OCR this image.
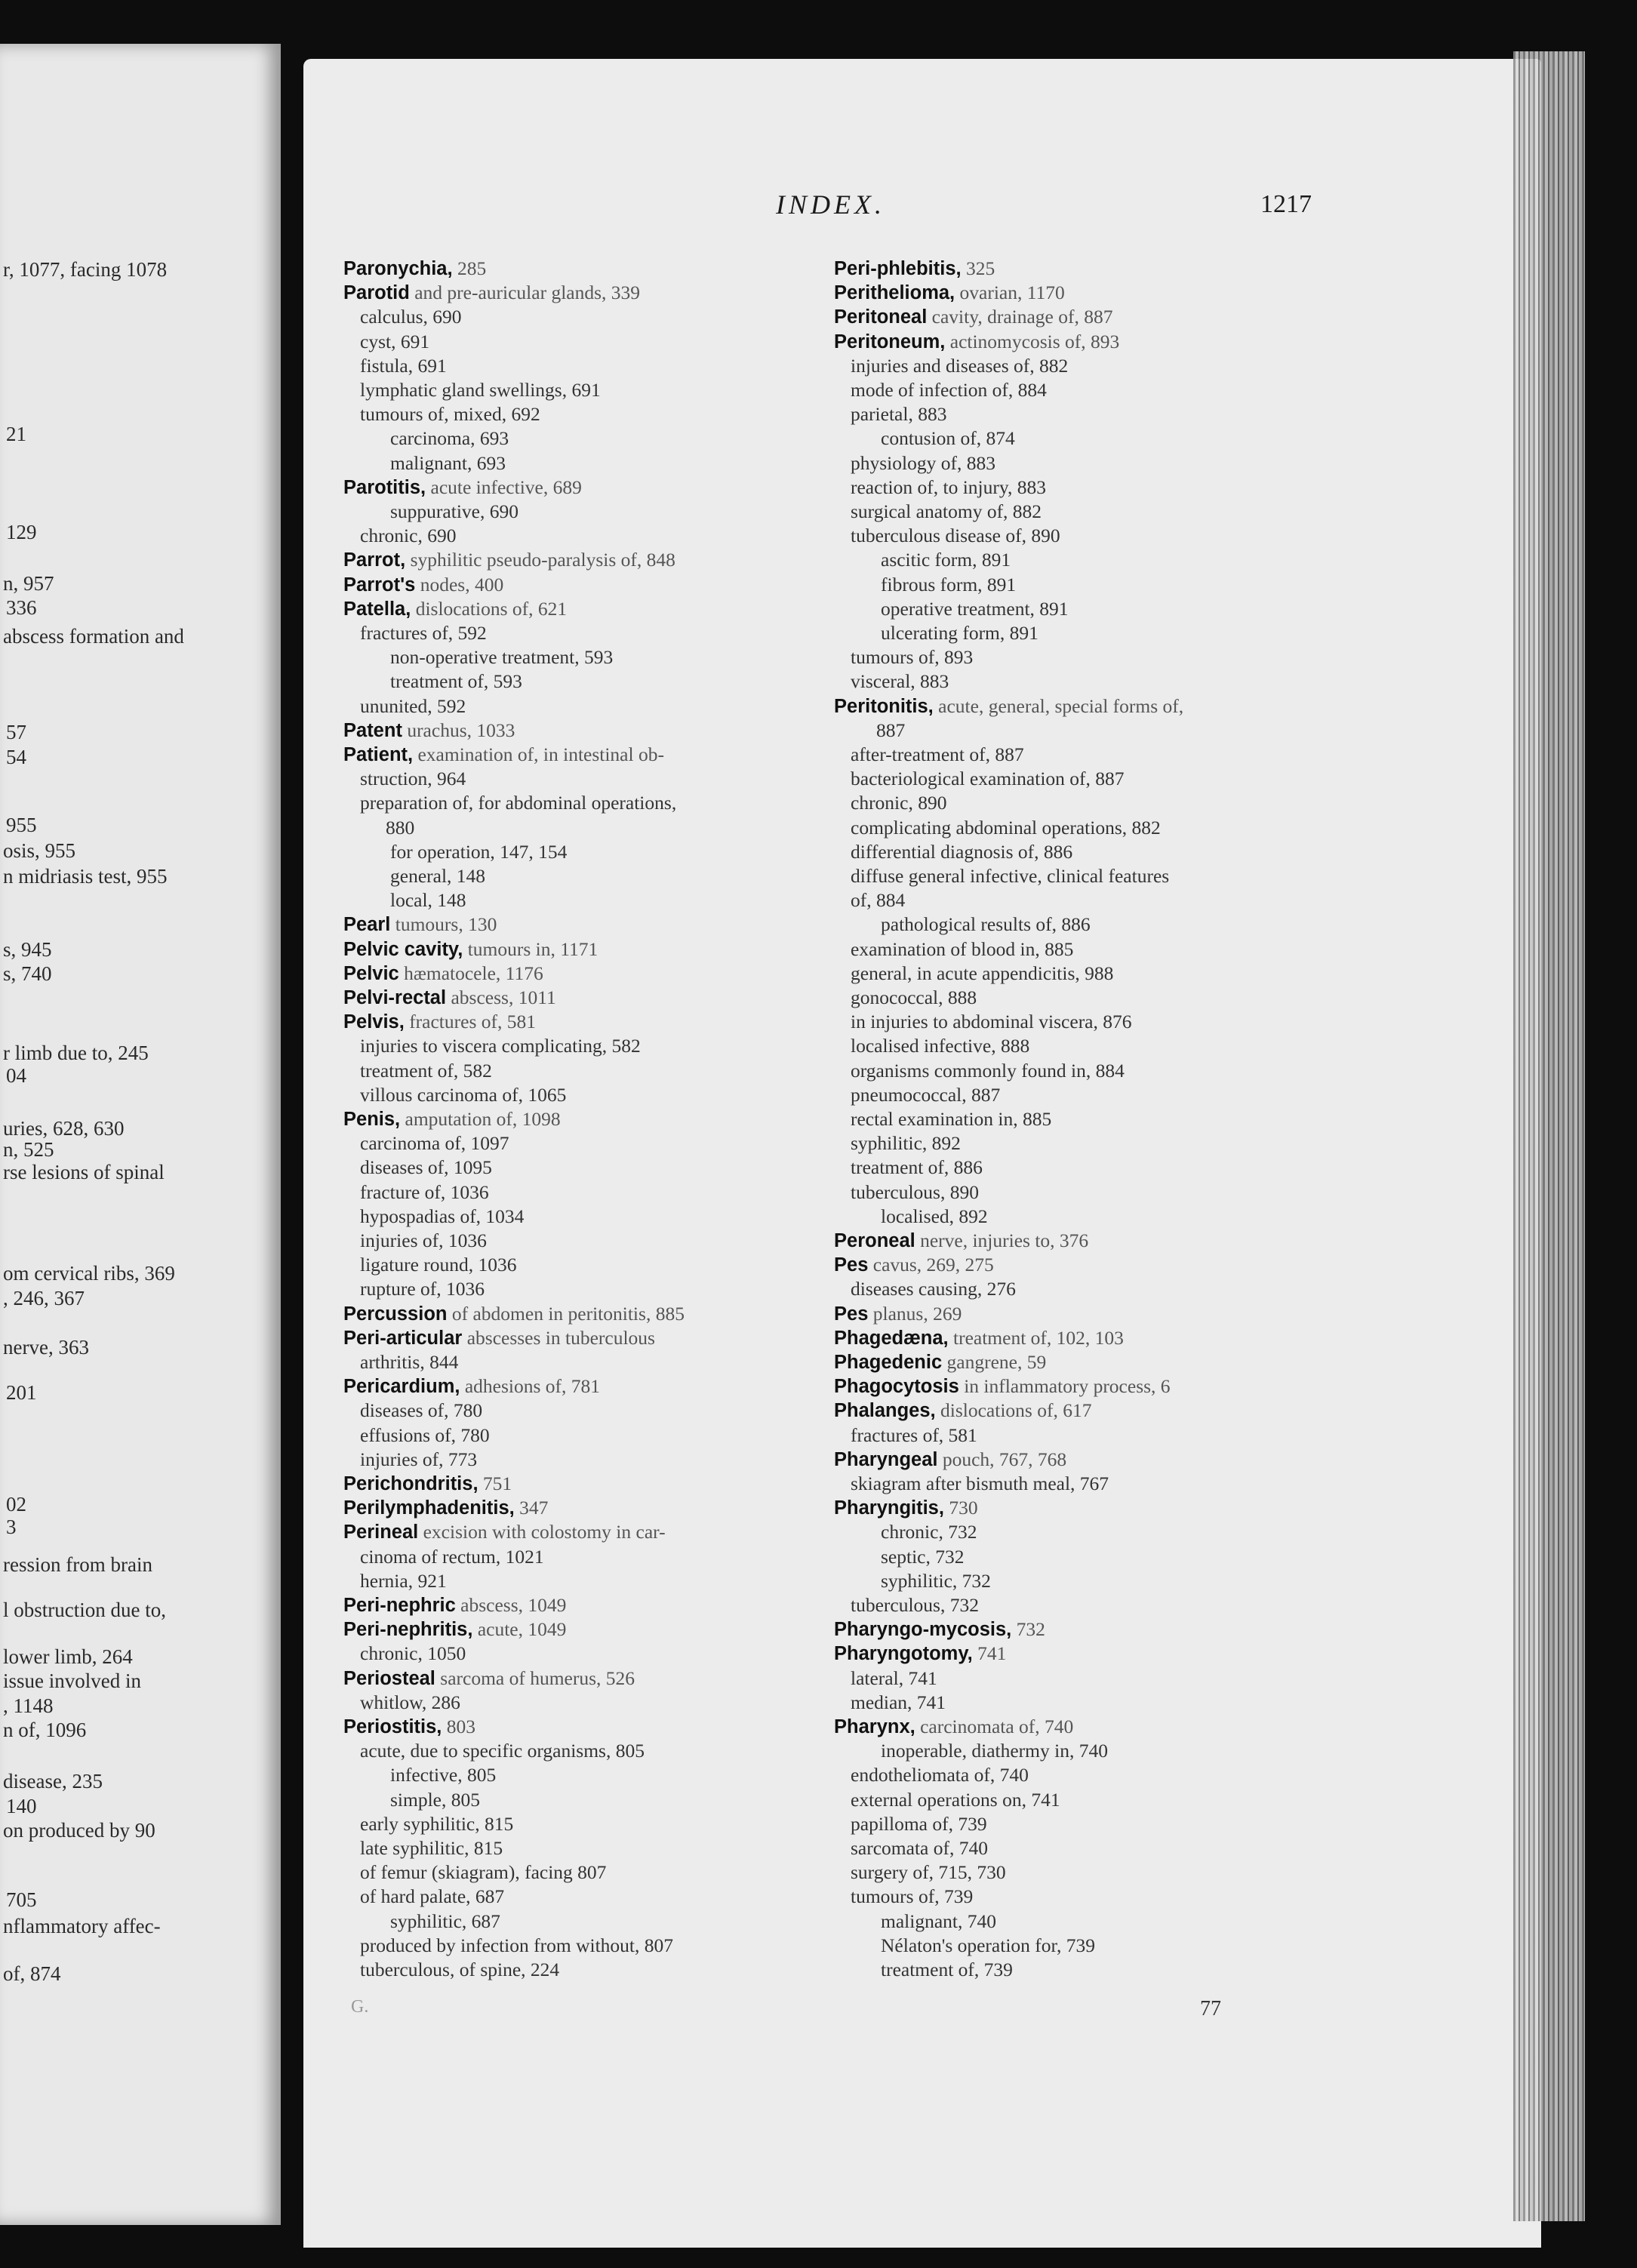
r, 1077, facing 1078
21
129
n, 957
336
abscess formation and
57
54
955
osis, 955
n midriasis test, 955
s, 945
s, 740
r limb due to, 245
04
uries, 628, 630
n, 525
rse lesions of spinal
om cervical ribs, 369
, 246, 367
nerve, 363
201
02
3
ression from brain
l obstruction due to,
lower limb, 264
issue involved in
, 1148
n of, 1096
disease, 235
140
on produced by 90
705
nflammatory affec-
of, 874
INDEX.	1217
Paronychia, 285
Parotid and pre-auricular glands, 339
calculus, 690
cyst, 691
fistula, 691
lymphatic gland swellings, 691
tumours of, mixed, 692
carcinoma, 693
malignant, 693
Parotitis, acute infective, 689
suppurative, 690
chronic, 690
Parrot, syphilitic pseudo-paralysis of, 848
Parrot's nodes, 400
Patella, dislocations of, 621
fractures of, 592
non-operative treatment, 593
treatment of, 593
ununited, 592
Patent urachus, 1033
Patient, examination of, in intestinal ob-
struction, 964
preparation of, for abdominal operations,
880
for operation, 147, 154
general, 148
local, 148
Pearl tumours, 130
Pelvic cavity, tumours in, 1171
Pelvic hæmatocele, 1176
Pelvi-rectal abscess, 1011
Pelvis, fractures of, 581
injuries to viscera complicating, 582
treatment of, 582
villous carcinoma of, 1065
Penis, amputation of, 1098
carcinoma of, 1097
diseases of, 1095
fracture of, 1036
hypospadias of, 1034
injuries of, 1036
ligature round, 1036
rupture of, 1036
Percussion of abdomen in peritonitis, 885
Peri-articular abscesses in tuberculous
arthritis, 844
Pericardium, adhesions of, 781
diseases of, 780
effusions of, 780
injuries of, 773
Perichondritis, 751
Perilymphadenitis, 347
Perineal excision with colostomy in car-
cinoma of rectum, 1021
hernia, 921
Peri-nephric abscess, 1049
Peri-nephritis, acute, 1049
chronic, 1050
Periosteal sarcoma of humerus, 526
whitlow, 286
Periostitis, 803
acute, due to specific organisms, 805
infective, 805
simple, 805
early syphilitic, 815
late syphilitic, 815
of femur (skiagram), facing 807
of hard palate, 687
syphilitic, 687
produced by infection from without, 807
tuberculous, of spine, 224
Peri-phlebitis, 325
Perithelioma, ovarian, 1170
Peritoneal cavity, drainage of, 887
Peritoneum, actinomycosis of, 893
injuries and diseases of, 882
mode of infection of, 884
parietal, 883
contusion of, 874
physiology of, 883
reaction of, to injury, 883
surgical anatomy of, 882
tuberculous disease of, 890
ascitic form, 891
fibrous form, 891
operative treatment, 891
ulcerating form, 891
tumours of, 893
visceral, 883
Peritonitis, acute, general, special forms of,
887
after-treatment of, 887
bacteriological examination of, 887
chronic, 890
complicating abdominal operations, 882
differential diagnosis of, 886
diffuse general infective, clinical features
of, 884
pathological results of, 886
examination of blood in, 885
general, in acute appendicitis, 988
gonococcal, 888
in injuries to abdominal viscera, 876
localised infective, 888
organisms commonly found in, 884
pneumococcal, 887
rectal examination in, 885
syphilitic, 892
treatment of, 886
tuberculous, 890
localised, 892
Peroneal nerve, injuries to, 376
Pes cavus, 269, 275
diseases causing, 276
Pes planus, 269
Phagedæna, treatment of, 102, 103
Phagedenic gangrene, 59
Phagocytosis in inflammatory process, 6
Phalanges, dislocations of, 617
fractures of, 581
Pharyngeal pouch, 767, 768
skiagram after bismuth meal, 767
Pharyngitis, 730
chronic, 732
septic, 732
syphilitic, 732
tuberculous, 732
Pharyngo-mycosis, 732
Pharyngotomy, 741
lateral, 741
median, 741
Pharynx, carcinomata of, 740
inoperable, diathermy in, 740
endotheliomata of, 740
external operations on, 741
papilloma of, 739
sarcomata of, 740
surgery of, 715, 730
tumours of, 739
malignant, 740
Nélaton's operation for, 739
treatment of, 739
G.	77
